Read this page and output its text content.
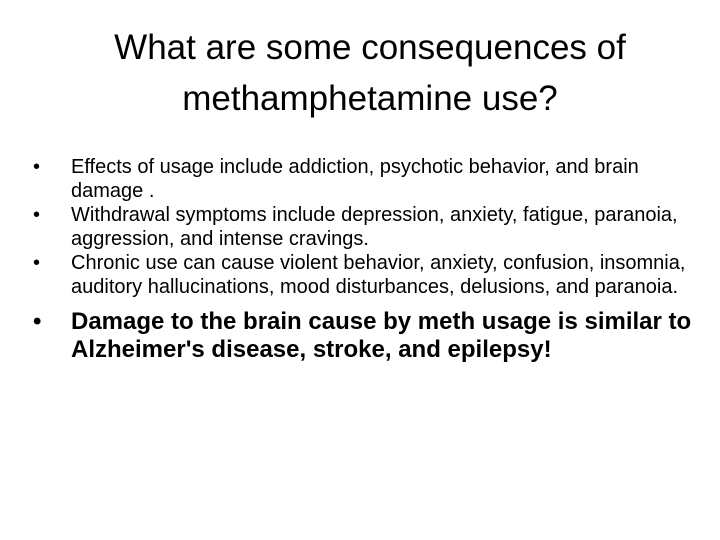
What are some consequences of
methamphetamine use?
• Effects of usage include addiction, psychotic behavior, and brain damage .
• Withdrawal symptoms include depression, anxiety, fatigue, paranoia, aggression, and intense cravings.
• Chronic use can cause violent behavior, anxiety, confusion, insomnia, auditory hallucinations, mood disturbances, delusions, and paranoia.
• Damage to the brain cause by meth usage is similar to Alzheimer's disease, stroke, and epilepsy!
